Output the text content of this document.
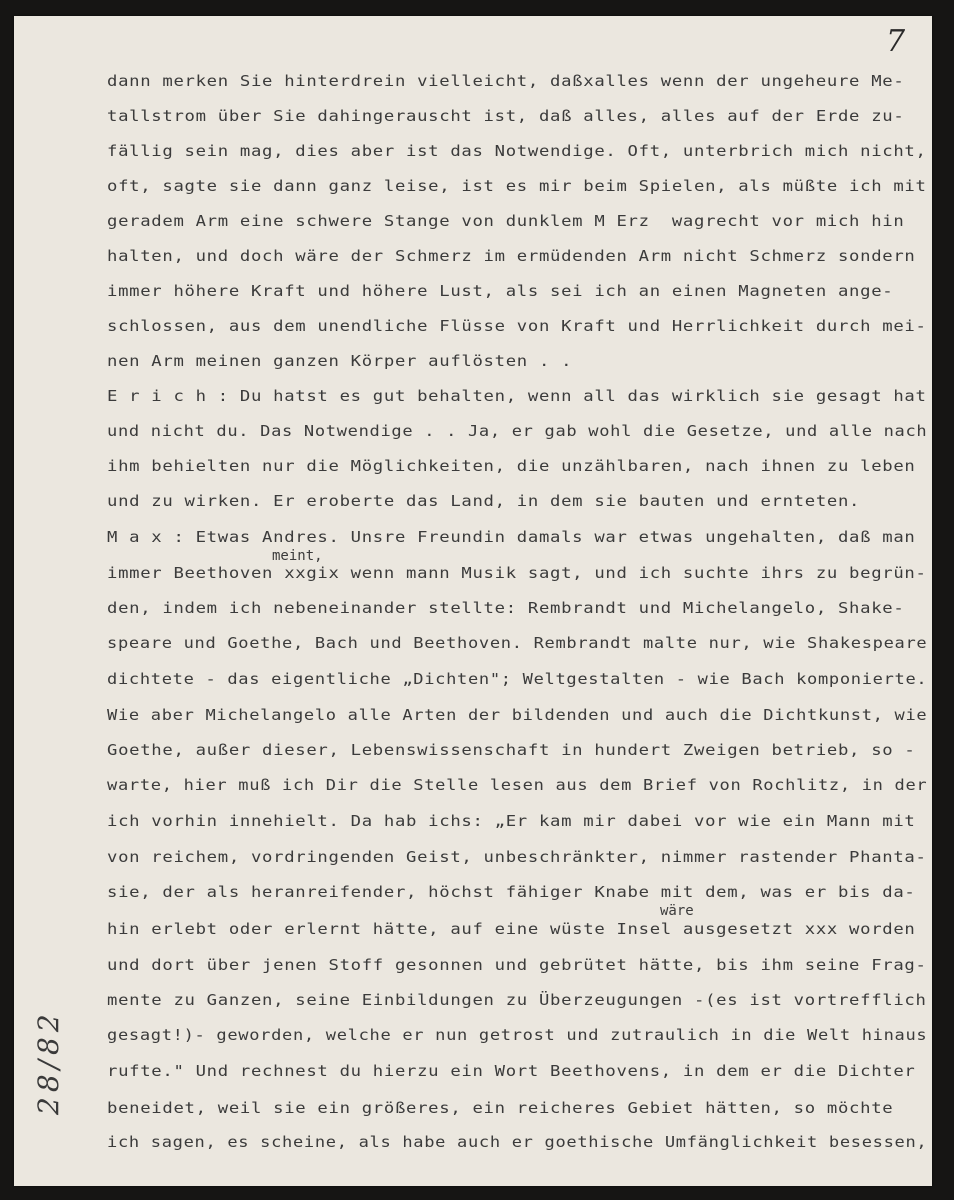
7
28/82
meint,
wäre
dann merken Sie hinterdrein vielleicht, daßxalles wenn der ungeheure Me-
tallstrom über Sie dahingerauscht ist, daß alles, alles auf der Erde zu-
fällig sein mag, dies aber ist das Notwendige. Oft, unterbrich mich nicht,
oft, sagte sie dann ganz leise, ist es mir beim Spielen, als müßte ich mit
geradem Arm eine schwere Stange von dunklem M Erz  wagrecht vor mich hin
halten, und doch wäre der Schmerz im ermüdenden Arm nicht Schmerz sondern
immer höhere Kraft und höhere Lust, als sei ich an einen Magneten ange-
schlossen, aus dem unendliche Flüsse von Kraft und Herrlichkeit durch mei-
nen Arm meinen ganzen Körper auflösten . .
E r i c h : Du hatst es gut behalten, wenn all das wirklich sie gesagt hat
und nicht du. Das Notwendige . . Ja, er gab wohl die Gesetze, und alle nach
ihm behielten nur die Möglichkeiten, die unzählbaren, nach ihnen zu leben
und zu wirken. Er eroberte das Land, in dem sie bauten und ernteten.
M a x : Etwas Andres. Unsre Freundin damals war etwas ungehalten, daß man
immer Beethoven xxgix wenn mann Musik sagt, und ich suchte ihrs zu begrün-
den, indem ich nebeneinander stellte: Rembrandt und Michelangelo, Shake-
speare und Goethe, Bach und Beethoven. Rembrandt malte nur, wie Shakespeare
dichtete - das eigentliche „Dichten"; Weltgestalten - wie Bach komponierte.
Wie aber Michelangelo alle Arten der bildenden und auch die Dichtkunst, wie
Goethe, außer dieser, Lebenswissenschaft in hundert Zweigen betrieb, so -
warte, hier muß ich Dir die Stelle lesen aus dem Brief von Rochlitz, in der
ich vorhin innehielt. Da hab ichs: „Er kam mir dabei vor wie ein Mann mit
von reichem, vordringenden Geist, unbeschränkter, nimmer rastender Phanta-
sie, der als heranreifender, höchst fähiger Knabe mit dem, was er bis da-
hin erlebt oder erlernt hätte, auf eine wüste Insel ausgesetzt xxx worden
und dort über jenen Stoff gesonnen und gebrütet hätte, bis ihm seine Frag-
mente zu Ganzen, seine Einbildungen zu Überzeugungen -(es ist vortrefflich
gesagt!)- geworden, welche er nun getrost und zutraulich in die Welt hinaus
rufte." Und rechnest du hierzu ein Wort Beethovens, in dem er die Dichter
beneidet, weil sie ein größeres, ein reicheres Gebiet hätten, so möchte
ich sagen, es scheine, als habe auch er goethische Umfänglichkeit besessen,
